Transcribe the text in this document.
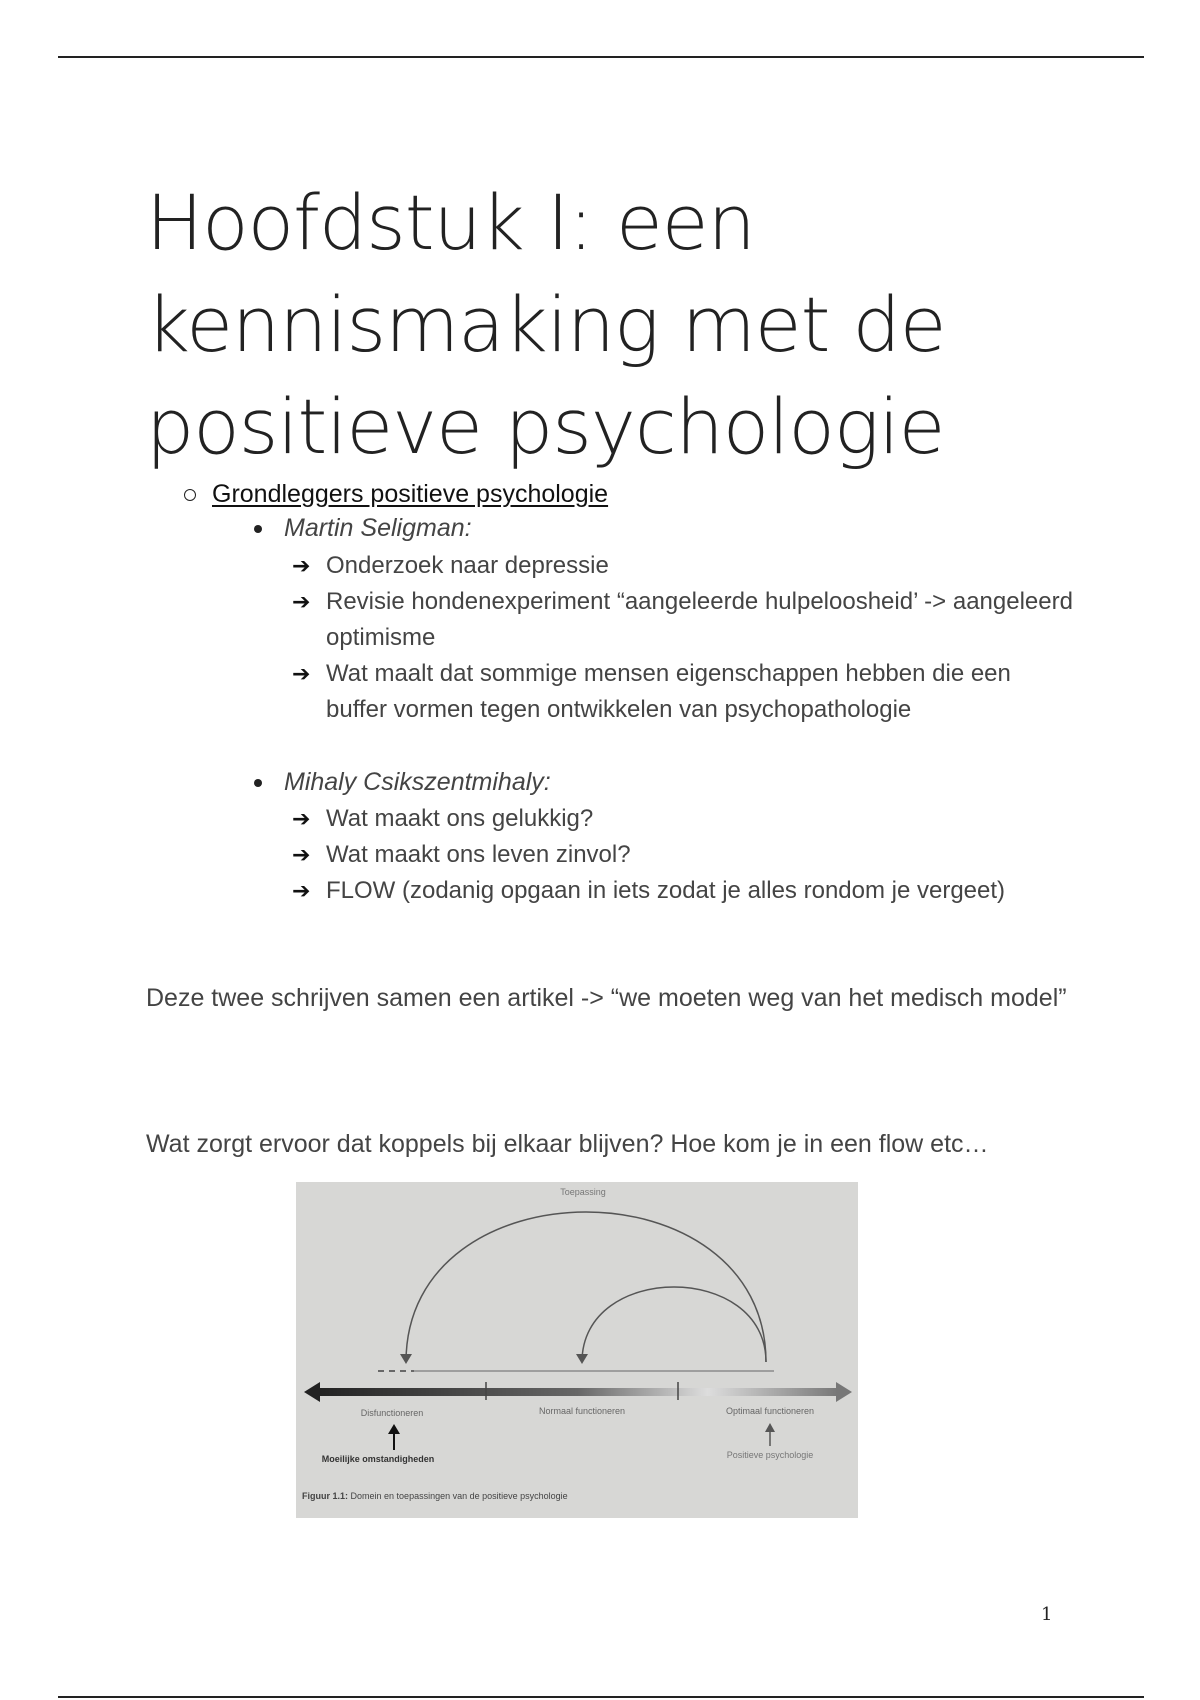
Hoofdstuk I: een
kennismaking met de
positieve psychologie
Grondleggers positieve psychologie
Martin Seligman:
➔ Onderzoek naar depressie
➔ Revisie hondenexperiment “aangeleerde hulpeloosheid’ -> aangeleerd optimisme
➔ Wat maalt dat sommige mensen eigenschappen hebben die een buffer vormen tegen ontwikkelen van psychopathologie
Mihaly Csikszentmihaly:
➔ Wat maakt ons gelukkig?
➔ Wat maakt ons leven zinvol?
➔ FLOW (zodanig opgaan in iets zodat je alles rondom je vergeet)

Deze twee schrijven samen een artikel -> “we moeten weg van het medisch model”

Wat zorgt ervoor dat koppels bij elkaar blijven? Hoe kom je in een flow etc…

Toepassing
Disfunctioneren	Normaal functioneren	Optimaal functioneren
Moeilijke omstandigheden	Positieve psychologie
Figuur 1.1: Domein en toepassingen van de positieve psychologie
1
